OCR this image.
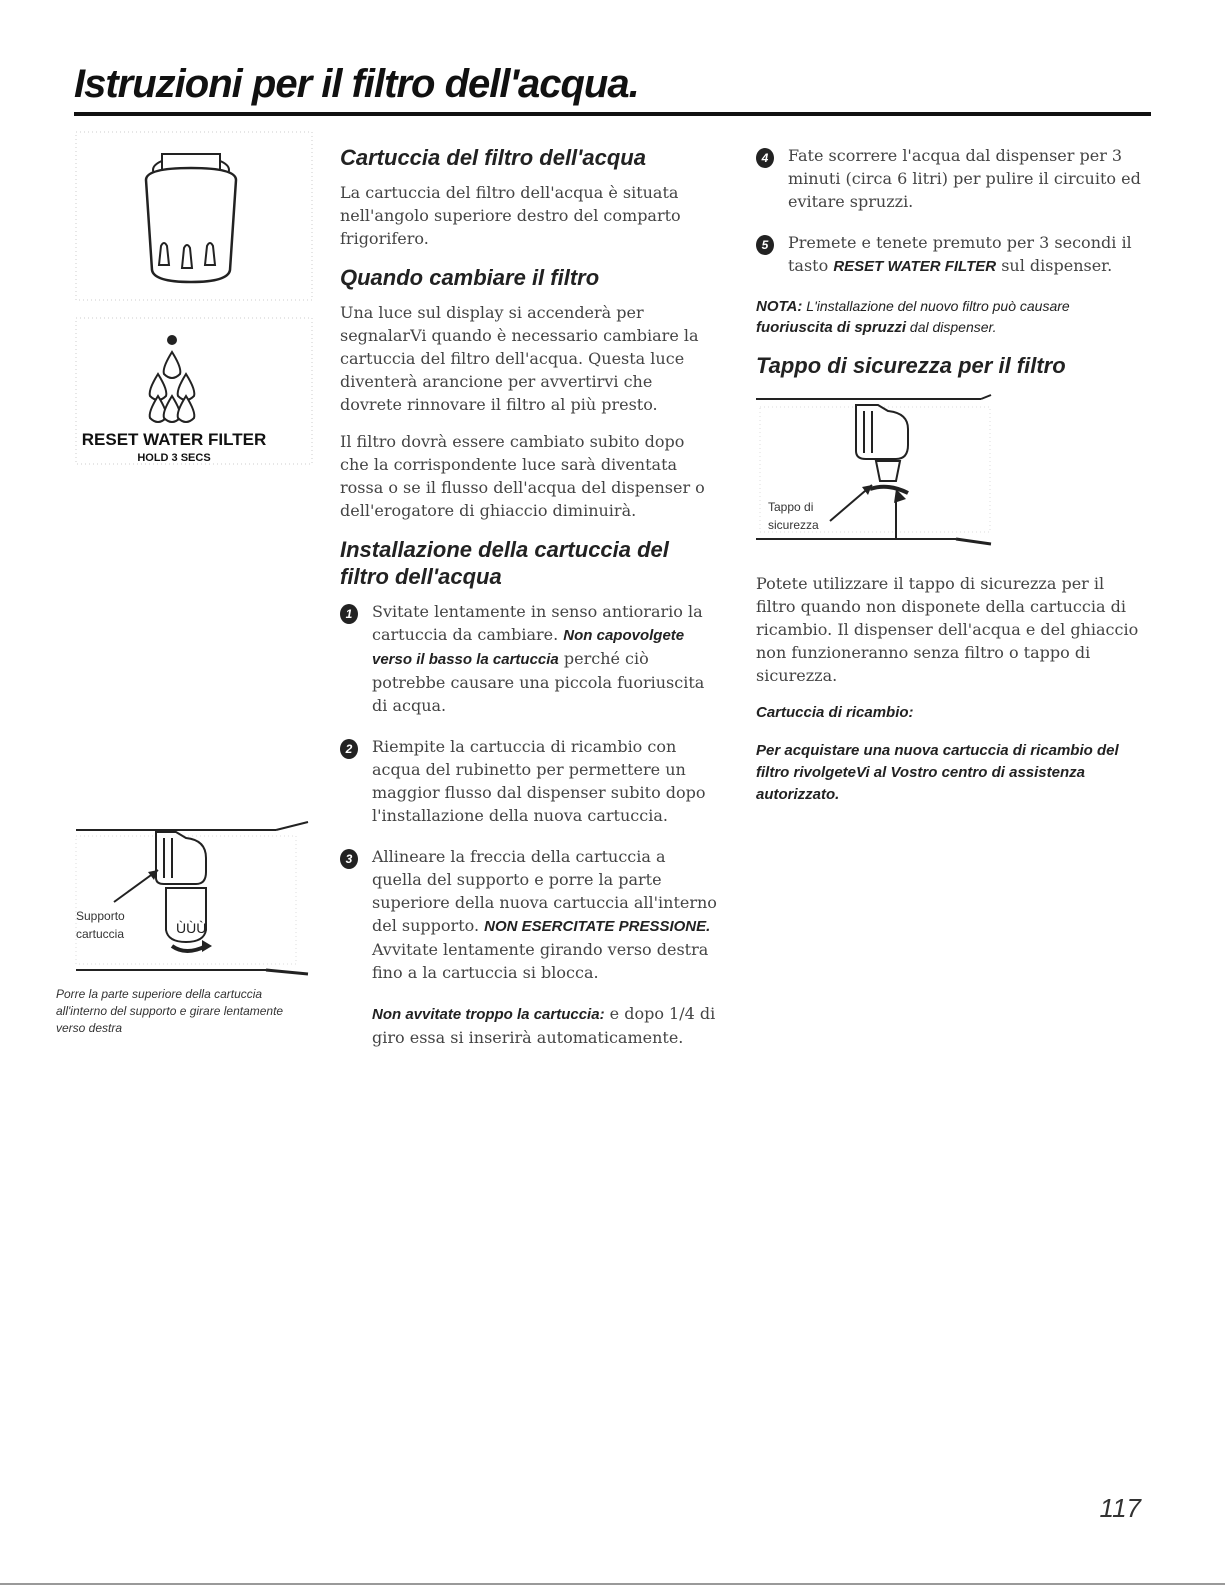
Istruzioni per il filtro dell'acqua.

RESET WATER FILTER
HOLD 3 SECS
ÙÙÙ
Supporto
cartuccia
Porre la parte superiore della cartuccia all'interno del supporto e girare lentamente verso destra
Cartuccia del filtro dell'acqua

La cartuccia del filtro dell'acqua è situata nell'angolo superiore destro del comparto frigorifero.

Quando cambiare il filtro

Una luce sul display si accenderà per segnalarVi quando è necessario cambiare la cartuccia del filtro dell'acqua. Questa luce diventerà arancione per avvertirvi che dovrete rinnovare il filtro al più presto.

Il filtro dovrà essere cambiato subito dopo che la corrispondente luce sarà diventata rossa o se il flusso dell'acqua del dispenser o dell'erogatore di ghiaccio diminuirà.

Installazione della cartuccia del filtro dell'acqua
1	Svitate lentamente in senso antiorario la cartuccia da cambiare. Non capovolgete verso il basso la cartuccia perché ciò potrebbe causare una piccola fuoriuscita di acqua.
2	Riempite la cartuccia di ricambio con acqua del rubinetto per permettere un maggior flusso dal dispenser subito dopo l'installazione della nuova cartuccia.
3	Allineare la freccia della cartuccia a quella del supporto e porre la parte superiore della nuova cartuccia all'interno del supporto. NON ESERCITATE PRESSIONE. Avvitate lentamente girando verso destra fino a la cartuccia si blocca.

Non avvitate troppo la cartuccia: e dopo 1/4 di giro essa si inserirà automaticamente.

4	Fate scorrere l'acqua dal dispenser per 3 minuti (circa 6 litri) per pulire il circuito ed evitare spruzzi.
5	Premete e tenete premuto per 3 secondi il tasto RESET WATER FILTER sul dispenser.

NOTA: L'installazione del nuovo filtro può causare fuoriuscita di spruzzi dal dispenser.

Tappo di sicurezza per il filtro
Tappo di
sicurezza

Potete utilizzare il tappo di sicurezza per il filtro quando non disponete della cartuccia di ricambio. Il dispenser dell'acqua e del ghiaccio non funzioneranno senza filtro o tappo di sicurezza.

Cartuccia di ricambio:

Per acquistare una nuova cartuccia di ricambio del filtro rivolgeteVi al Vostro centro di assistenza autorizzato.

117
